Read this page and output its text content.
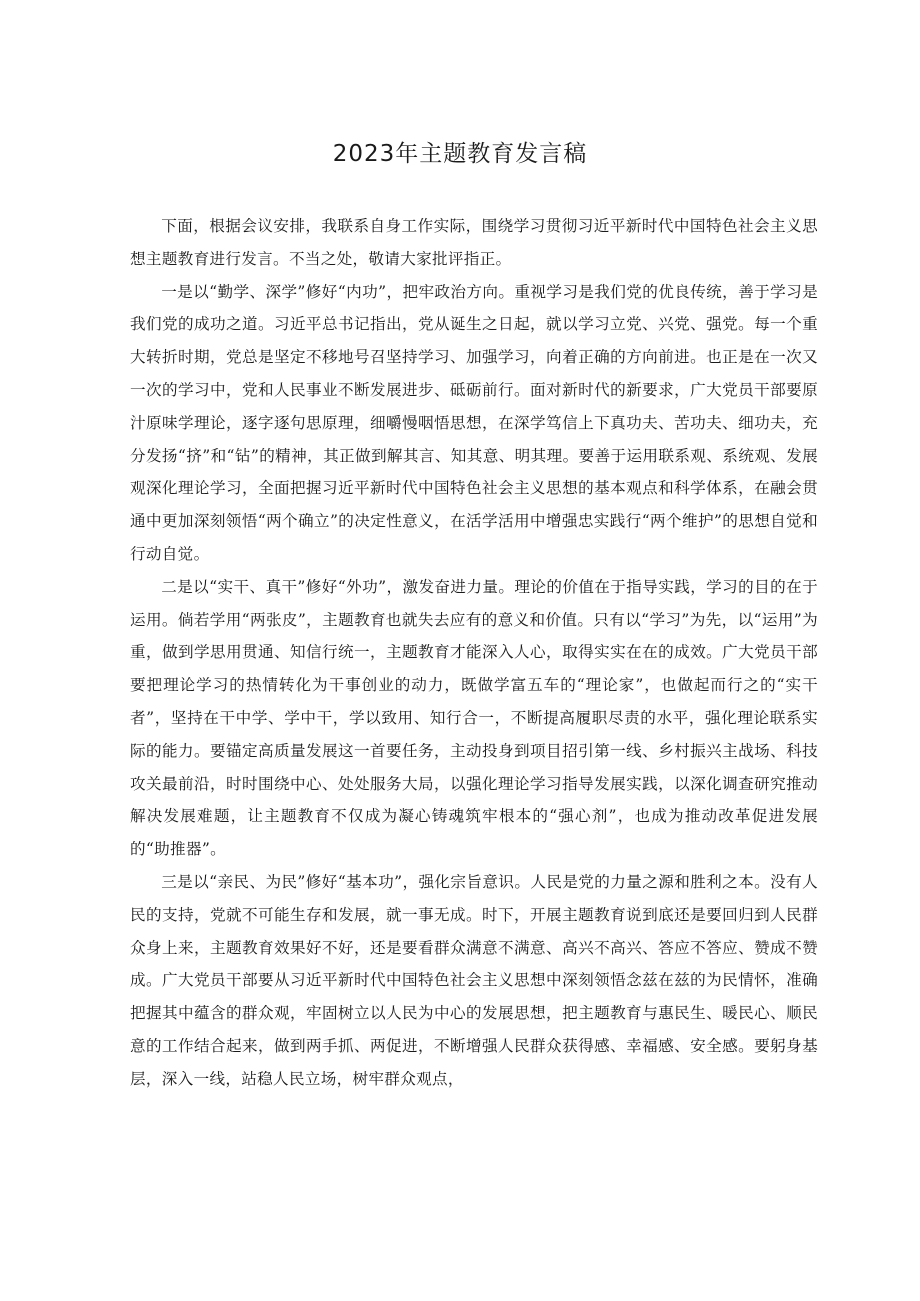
2023年主题教育发言稿

下面，根据会议安排，我联系自身工作实际，围绕学习贯彻习近平新时代中国特色社会主义思想主题教育进行发言。不当之处，敬请大家批评指正。

一是以“勤学、深学”修好“内功”，把牢政治方向。重视学习是我们党的优良传统，善于学习是我们党的成功之道。习近平总书记指出，党从诞生之日起，就以学习立党、兴党、强党。每一个重大转折时期，党总是坚定不移地号召坚持学习、加强学习，向着正确的方向前进。也正是在一次又一次的学习中，党和人民事业不断发展进步、砥砺前行。面对新时代的新要求，广大党员干部要原汁原味学理论，逐字逐句思原理，细嚼慢咽悟思想，在深学笃信上下真功夫、苦功夫、细功夫，充分发扬“挤”和“钻”的精神，其正做到解其言、知其意、明其理。要善于运用联系观、系统观、发展观深化理论学习，全面把握习近平新时代中国特色社会主义思想的基本观点和科学体系，在融会贯通中更加深刻领悟“两个确立”的决定性意义，在活学活用中增强忠实践行“两个维护”的思想自觉和行动自觉。

二是以“实干、真干”修好“外功”，激发奋进力量。理论的价值在于指导实践，学习的目的在于运用。倘若学用“两张皮”，主题教育也就失去应有的意义和价值。只有以“学习”为先，以“运用”为重，做到学思用贯通、知信行统一，主题教育才能深入人心，取得实实在在的成效。广大党员干部要把理论学习的热情转化为干事创业的动力，既做学富五车的“理论家”，也做起而行之的“实干者”，坚持在干中学、学中干，学以致用、知行合一，不断提高履职尽责的水平，强化理论联系实际的能力。要锚定高质量发展这一首要任务，主动投身到项目招引第一线、乡村振兴主战场、科技攻关最前沿，时时围绕中心、处处服务大局，以强化理论学习指导发展实践，以深化调查研究推动解决发展难题，让主题教育不仅成为凝心铸魂筑牢根本的“强心剂”，也成为推动改革促进发展的“助推器”。

三是以“亲民、为民”修好“基本功”，强化宗旨意识。人民是党的力量之源和胜利之本。没有人民的支持，党就不可能生存和发展，就一事无成。时下，开展主题教育说到底还是要回归到人民群众身上来，主题教育效果好不好，还是要看群众满意不满意、高兴不高兴、答应不答应、赞成不赞成。广大党员干部要从习近平新时代中国特色社会主义思想中深刻领悟念兹在兹的为民情怀，准确把握其中蕴含的群众观，牢固树立以人民为中心的发展思想，把主题教育与惠民生、暖民心、顺民意的工作结合起来，做到两手抓、两促进，不断增强人民群众获得感、幸福感、安全感。要躬身基层，深入一线，站稳人民立场，树牢群众观点，
